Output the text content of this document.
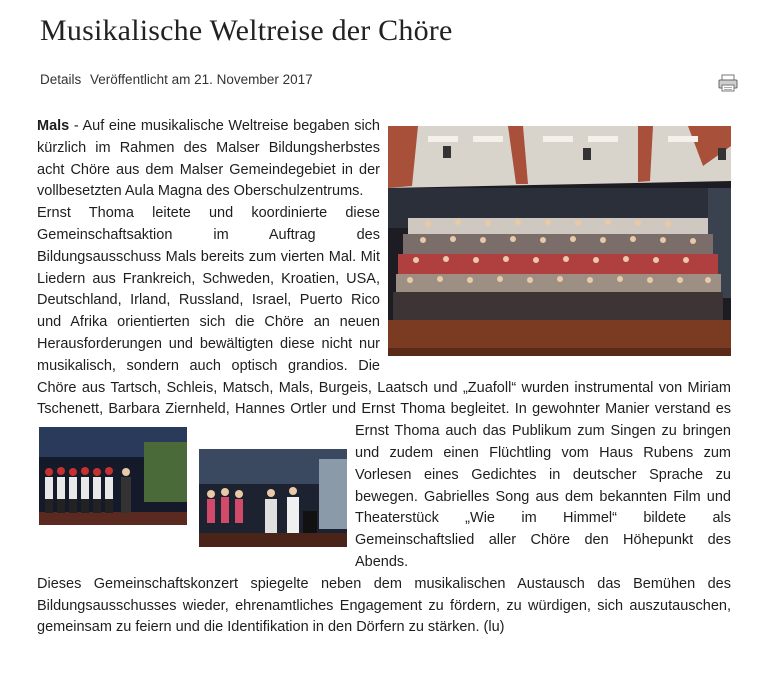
Musikalische Weltreise der Chöre
Details Veröffentlicht am 21. November 2017

Mals - Auf eine musikalische Weltreise begaben sich kürzlich im Rahmen des Malser Bildungsherbstes acht Chöre aus dem Malser Gemeindegebiet in der vollbesetzten Aula Magna des Oberschulzentrums.

Ernst Thoma leitete und koordinierte diese Gemeinschaftsaktion im Auftrag des Bildungsausschuss Mals bereits zum vierten Mal. Mit Liedern aus Frankreich, Schweden, Kroatien, USA, Deutschland, Irland, Russland, Israel, Puerto Rico und Afrika orientierten sich die Chöre an neuen Herausforderungen und bewältigten diese nicht nur musikalisch, sondern auch optisch grandios. Die Chöre aus Tartsch, Schleis, Matsch, Mals, Burgeis, Laatsch und „Zuafoll“ wurden instrumental von Miriam Tschenett, Barbara Ziernheld, Hannes Ortler und Ernst Thoma begleitet.
In gewohnter Manier verstand es Ernst Thoma auch das Publikum zum Singen zu bringen und zudem einen Flüchtling vom Haus Rubens zum Vorlesen eines Gedichtes in deutscher Sprache zu bewegen. Gabrielles Song aus dem bekannten Film und Theaterstück „Wie im Himmel“ bildete als Gemeinschaftslied aller Chöre den Höhepunkt des Abends.

Dieses Gemeinschaftskonzert spiegelte neben dem musikalischen Austausch das Bemühen des Bildungsausschusses wieder, ehrenamtliches Engagement zu fördern, zu würdigen, sich auszutauschen, gemeinsam zu feiern und die Identifikation in den Dörfern zu stärken. (lu)
